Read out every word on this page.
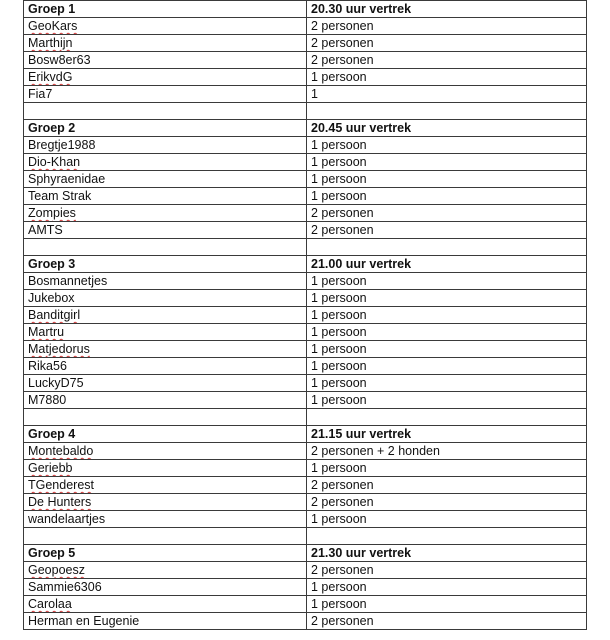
Groep 1	20.30 uur vertrek
GeoKars	2 personen
Marthijn	2 personen
Bosw8er63	2 personen
ErikvdG	1 persoon
Fia7	1

Groep 2	20.45 uur vertrek
Bregtje1988	1 persoon
Dio-Khan	1 persoon
Sphyraenidae	1 persoon
Team Strak	1 persoon
Zompies	2 personen
AMTS	2 personen

Groep 3	21.00 uur vertrek
Bosmannetjes	1 persoon
Jukebox	1 persoon
Banditgirl	1 persoon
Martru	1 persoon
Matjedorus	1 persoon
Rika56	1 persoon
LuckyD75	1 persoon
M7880	1 persoon

Groep 4	21.15 uur vertrek
Montebaldo	2 personen + 2 honden
Geriebb	1 persoon
TGenderest	2 personen
De Hunters	2 personen
wandelaartjes	1 persoon

Groep 5	21.30 uur vertrek
Geopoesz	2 personen
Sammie6306	1 persoon
Carolaa	1 persoon
Herman en Eugenie	2 personen
